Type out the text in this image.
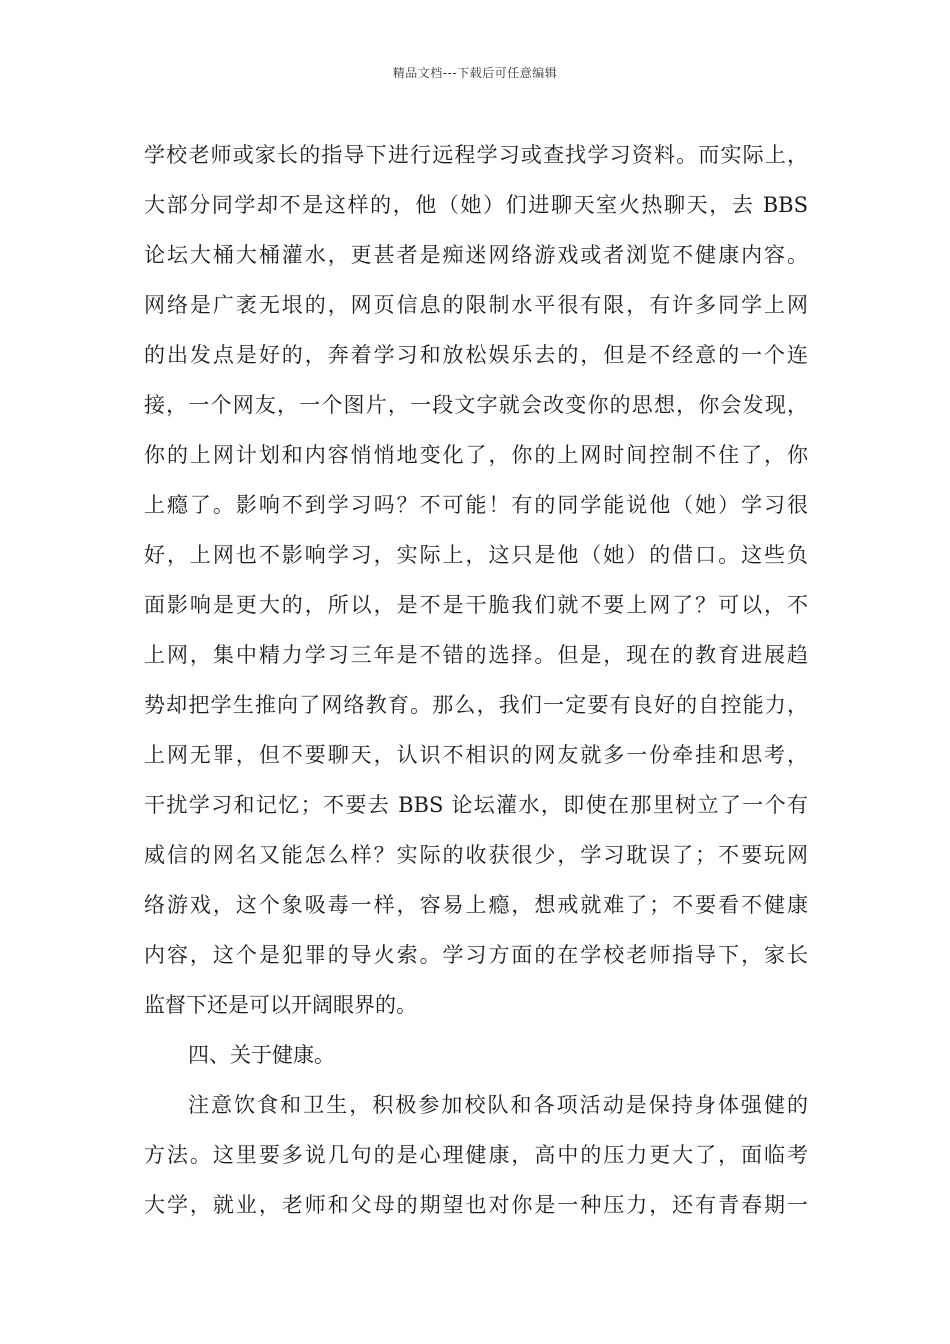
精品文档---下载后可任意编辑
学校老师或家长的指导下进行远程学习或查找学习资料。而实际上，
大部分同学却不是这样的，他（她）们进聊天室火热聊天，去 BBS
论坛大桶大桶灌水，更甚者是痴迷网络游戏或者浏览不健康内容。
网络是广袤无垠的，网页信息的限制水平很有限，有许多同学上网
的出发点是好的，奔着学习和放松娱乐去的，但是不经意的一个连
接，一个网友，一个图片，一段文字就会改变你的思想，你会发现，
你的上网计划和内容悄悄地变化了，你的上网时间控制不住了，你
上瘾了。影响不到学习吗？不可能！有的同学能说他（她）学习很
好，上网也不影响学习，实际上，这只是他（她）的借口。这些负
面影响是更大的，所以，是不是干脆我们就不要上网了？可以，不
上网，集中精力学习三年是不错的选择。但是，现在的教育进展趋
势却把学生推向了网络教育。那么，我们一定要有良好的自控能力，
上网无罪，但不要聊天，认识不相识的网友就多一份牵挂和思考，
干扰学习和记忆；不要去 BBS 论坛灌水，即使在那里树立了一个有
威信的网名又能怎么样？实际的收获很少，学习耽误了；不要玩网
络游戏，这个象吸毒一样，容易上瘾，想戒就难了；不要看不健康
内容，这个是犯罪的导火索。学习方面的在学校老师指导下，家长
监督下还是可以开阔眼界的。
四、关于健康。
注意饮食和卫生，积极参加校队和各项活动是保持身体强健的
方法。这里要多说几句的是心理健康，高中的压力更大了，面临考
大学，就业，老师和父母的期望也对你是一种压力，还有青春期一
